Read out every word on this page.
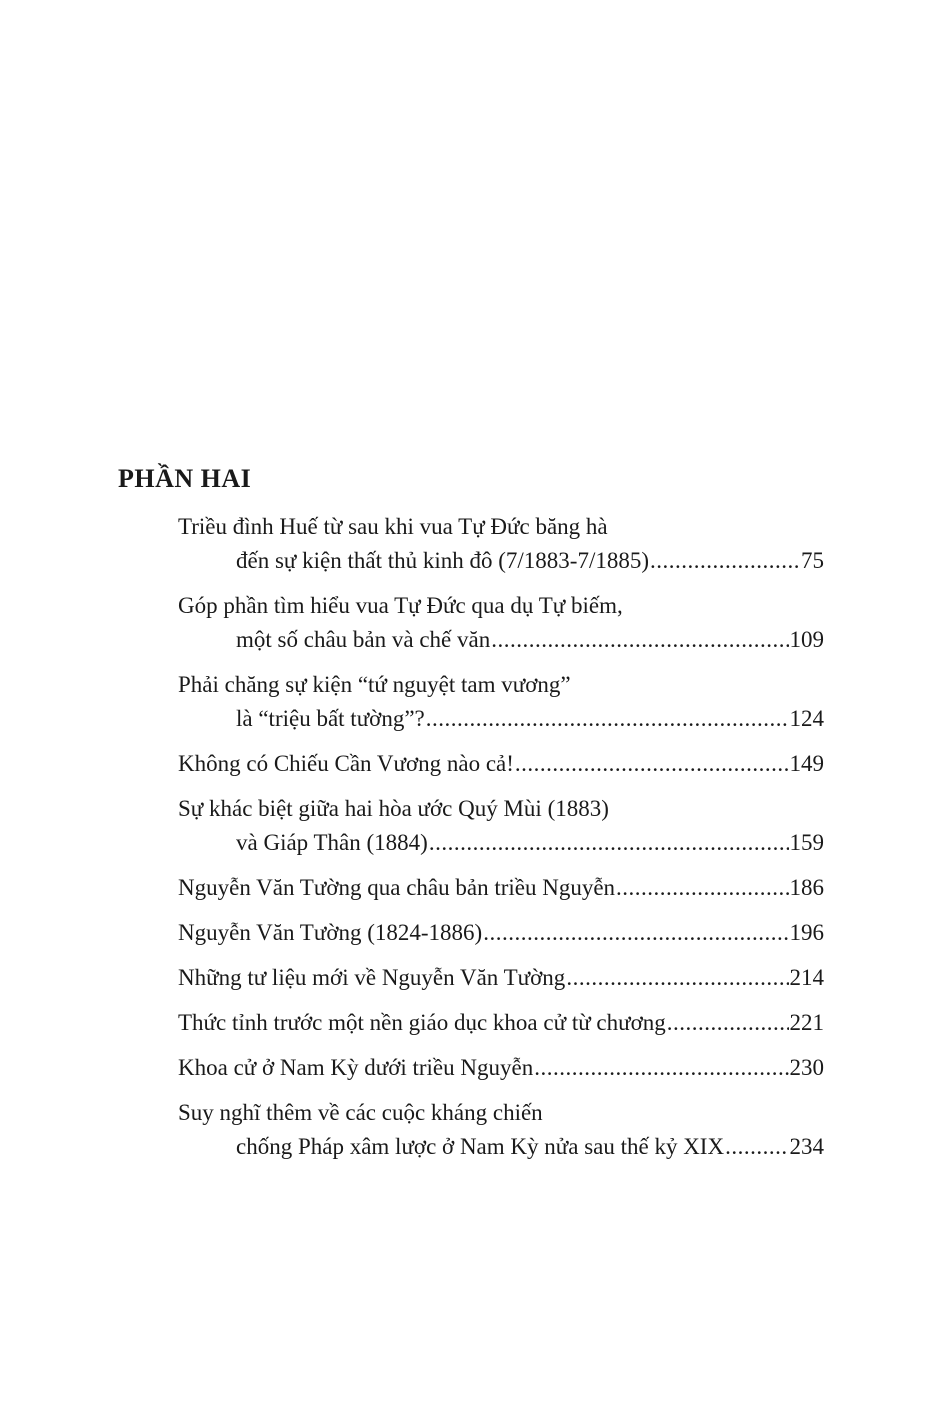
PHẦN HAI
Triều đình Huế từ sau khi vua Tự Đức băng hà
đến sự kiện thất thủ kinh đô (7/1883-7/1885) .....	75
Góp phần tìm hiểu vua Tự Đức qua dụ Tự biếm,
một số châu bản và chế văn .....	109
Phải chăng sự kiện “tứ nguyệt tam vương”
là “triệu bất tường”? .....	124
Không có Chiếu Cần Vương nào cả! .....	149
Sự khác biệt giữa hai hòa ước Quý Mùi (1883)
và Giáp Thân (1884) .....	159
Nguyễn Văn Tường qua châu bản triều Nguyễn .....	186
Nguyễn Văn Tường (1824-1886) .....	196
Những tư liệu mới về Nguyễn Văn Tường .....	214
Thức tỉnh trước một nền giáo dục khoa cử từ chương .....	221
Khoa cử ở Nam Kỳ dưới triều Nguyễn .....	230
Suy nghĩ thêm về các cuộc kháng chiến
chống Pháp xâm lược ở Nam Kỳ nửa sau thế kỷ XIX .....	234
